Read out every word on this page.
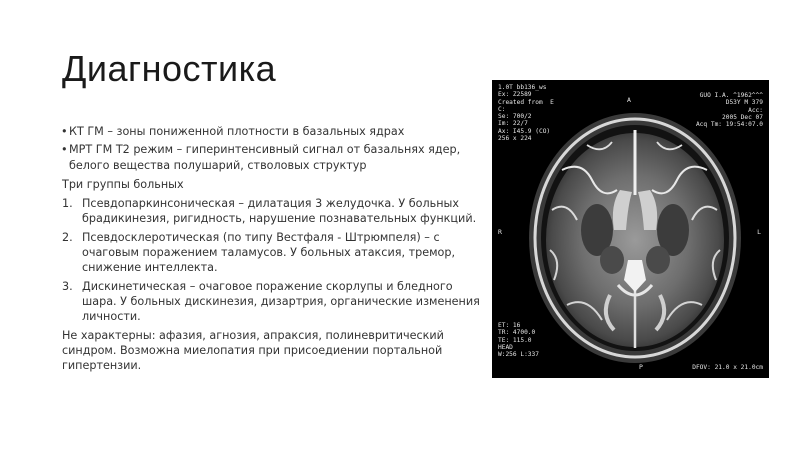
Диагностика
• КТ ГМ – зоны пониженной плотности в базальных ядрах
• МРТ ГМ Т2 режим – гиперинтенсивный сигнал от базальнях ядер, белого вещества полушарий, стволовых структур
Три группы больных
1. Псевдопаркинсоническая – дилатация 3 желудочка. У больных брадикинезия, ригидность, нарушение познавательных функций.
2. Псевдосклеротическая (по типу Вестфаля - Штрюмпеля) – с очаговым поражением таламусов. У больных атаксия, тремор, снижение интеллекта.
3. Дискинетическая – очаговое поражение скорлупы и бледного шара. У больных дискинезия, дизартрия, органические изменения личности.
Не характерны: афазия, агнозия, апраксия, полиневритический синдром. Возможна миелопатия при присоедиении портальной гипертензии.
1.0T bb136_ws
Ex: Z2589
Created from  E
C:
Se: 700/2
Im: 22/7
Ax: I45.9 (CO)
256 x 224
GUO I.A. ^1962^^^
D53Y M 379
Acc:
2005 Dec 07
Acq Tm: 19:54:07.0
ET: 16
TR: 4700.0
TE: 115.0
HEAD
W:256 L:337
DFOV: 21.0 x 21.0cm
A
R	L
P
